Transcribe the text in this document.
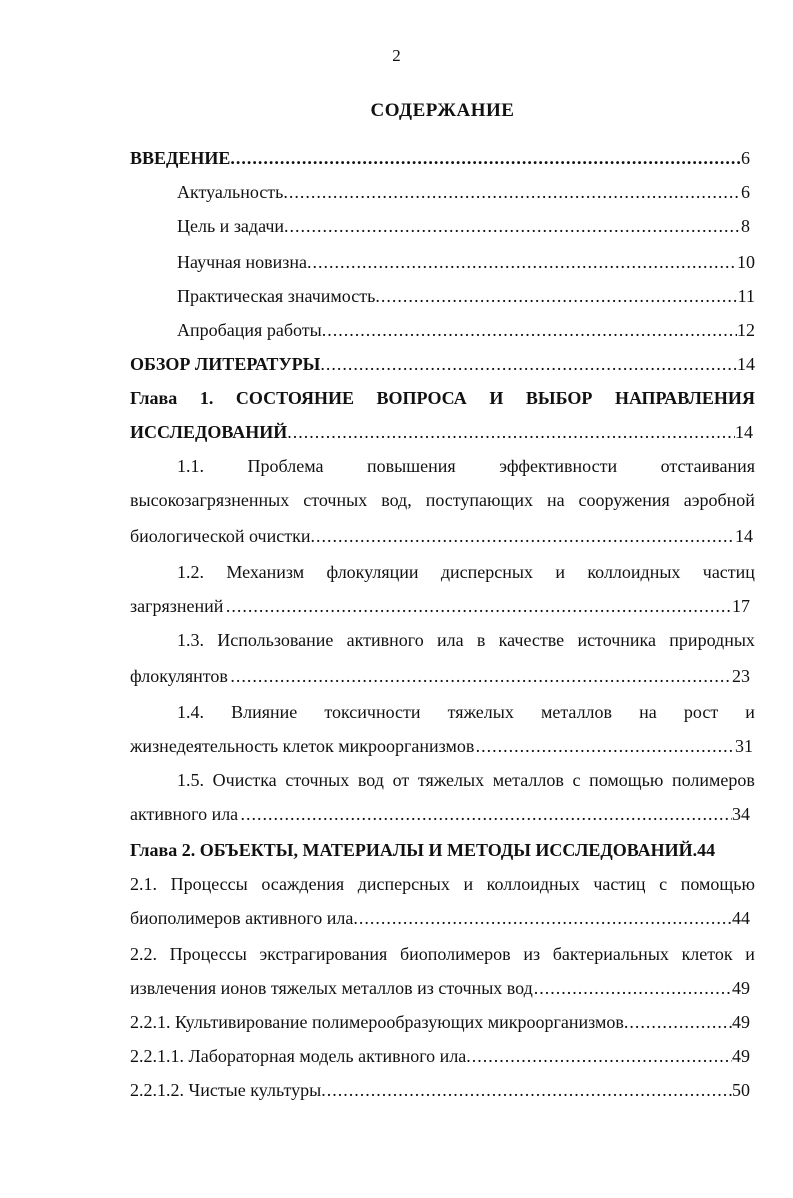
2
СОДЕРЖАНИЕ
ВВЕДЕНИЕ .....	6
Актуальность .....	6
Цель и задачи .....	8
Научная новизна .....	10
Практическая значимость .....	11
Апробация работы .....	12
ОБЗОР ЛИТЕРАТУРЫ .....	14
Глава 1. СОСТОЯНИЕ ВОПРОСА И ВЫБОР НАПРАВЛЕНИЯ
ИССЛЕДОВАНИЙ .....	14
1.1. Проблема повышения эффективности отстаивания
высокозагрязненных сточных вод, поступающих на сооружения аэробной
биологической очистки .....	14
1.2. Механизм флокуляции дисперсных и коллоидных частиц
загрязнений .....	17
1.3. Использование активного ила в качестве источника природных
флокулянтов .....	23
1.4. Влияние токсичности тяжелых металлов на рост и
жизнедеятельность клеток микроорганизмов .....	31
1.5. Очистка сточных вод от тяжелых металлов с помощью полимеров
активного ила .....	34
Глава 2. ОБЪЕКТЫ, МАТЕРИАЛЫ И МЕТОДЫ ИССЛЕДОВАНИЙ. 44
2.1. Процессы осаждения дисперсных и коллоидных частиц с помощью
биополимеров активного ила .....	44
2.2. Процессы экстрагирования биополимеров из бактериальных клеток и
извлечения ионов тяжелых металлов из сточных вод .....	49
2.2.1. Культивирование полимерообразующих микроорганизмов .....	49
2.2.1.1. Лабораторная модель активного ила .....	49
2.2.1.2. Чистые культуры .....	50
